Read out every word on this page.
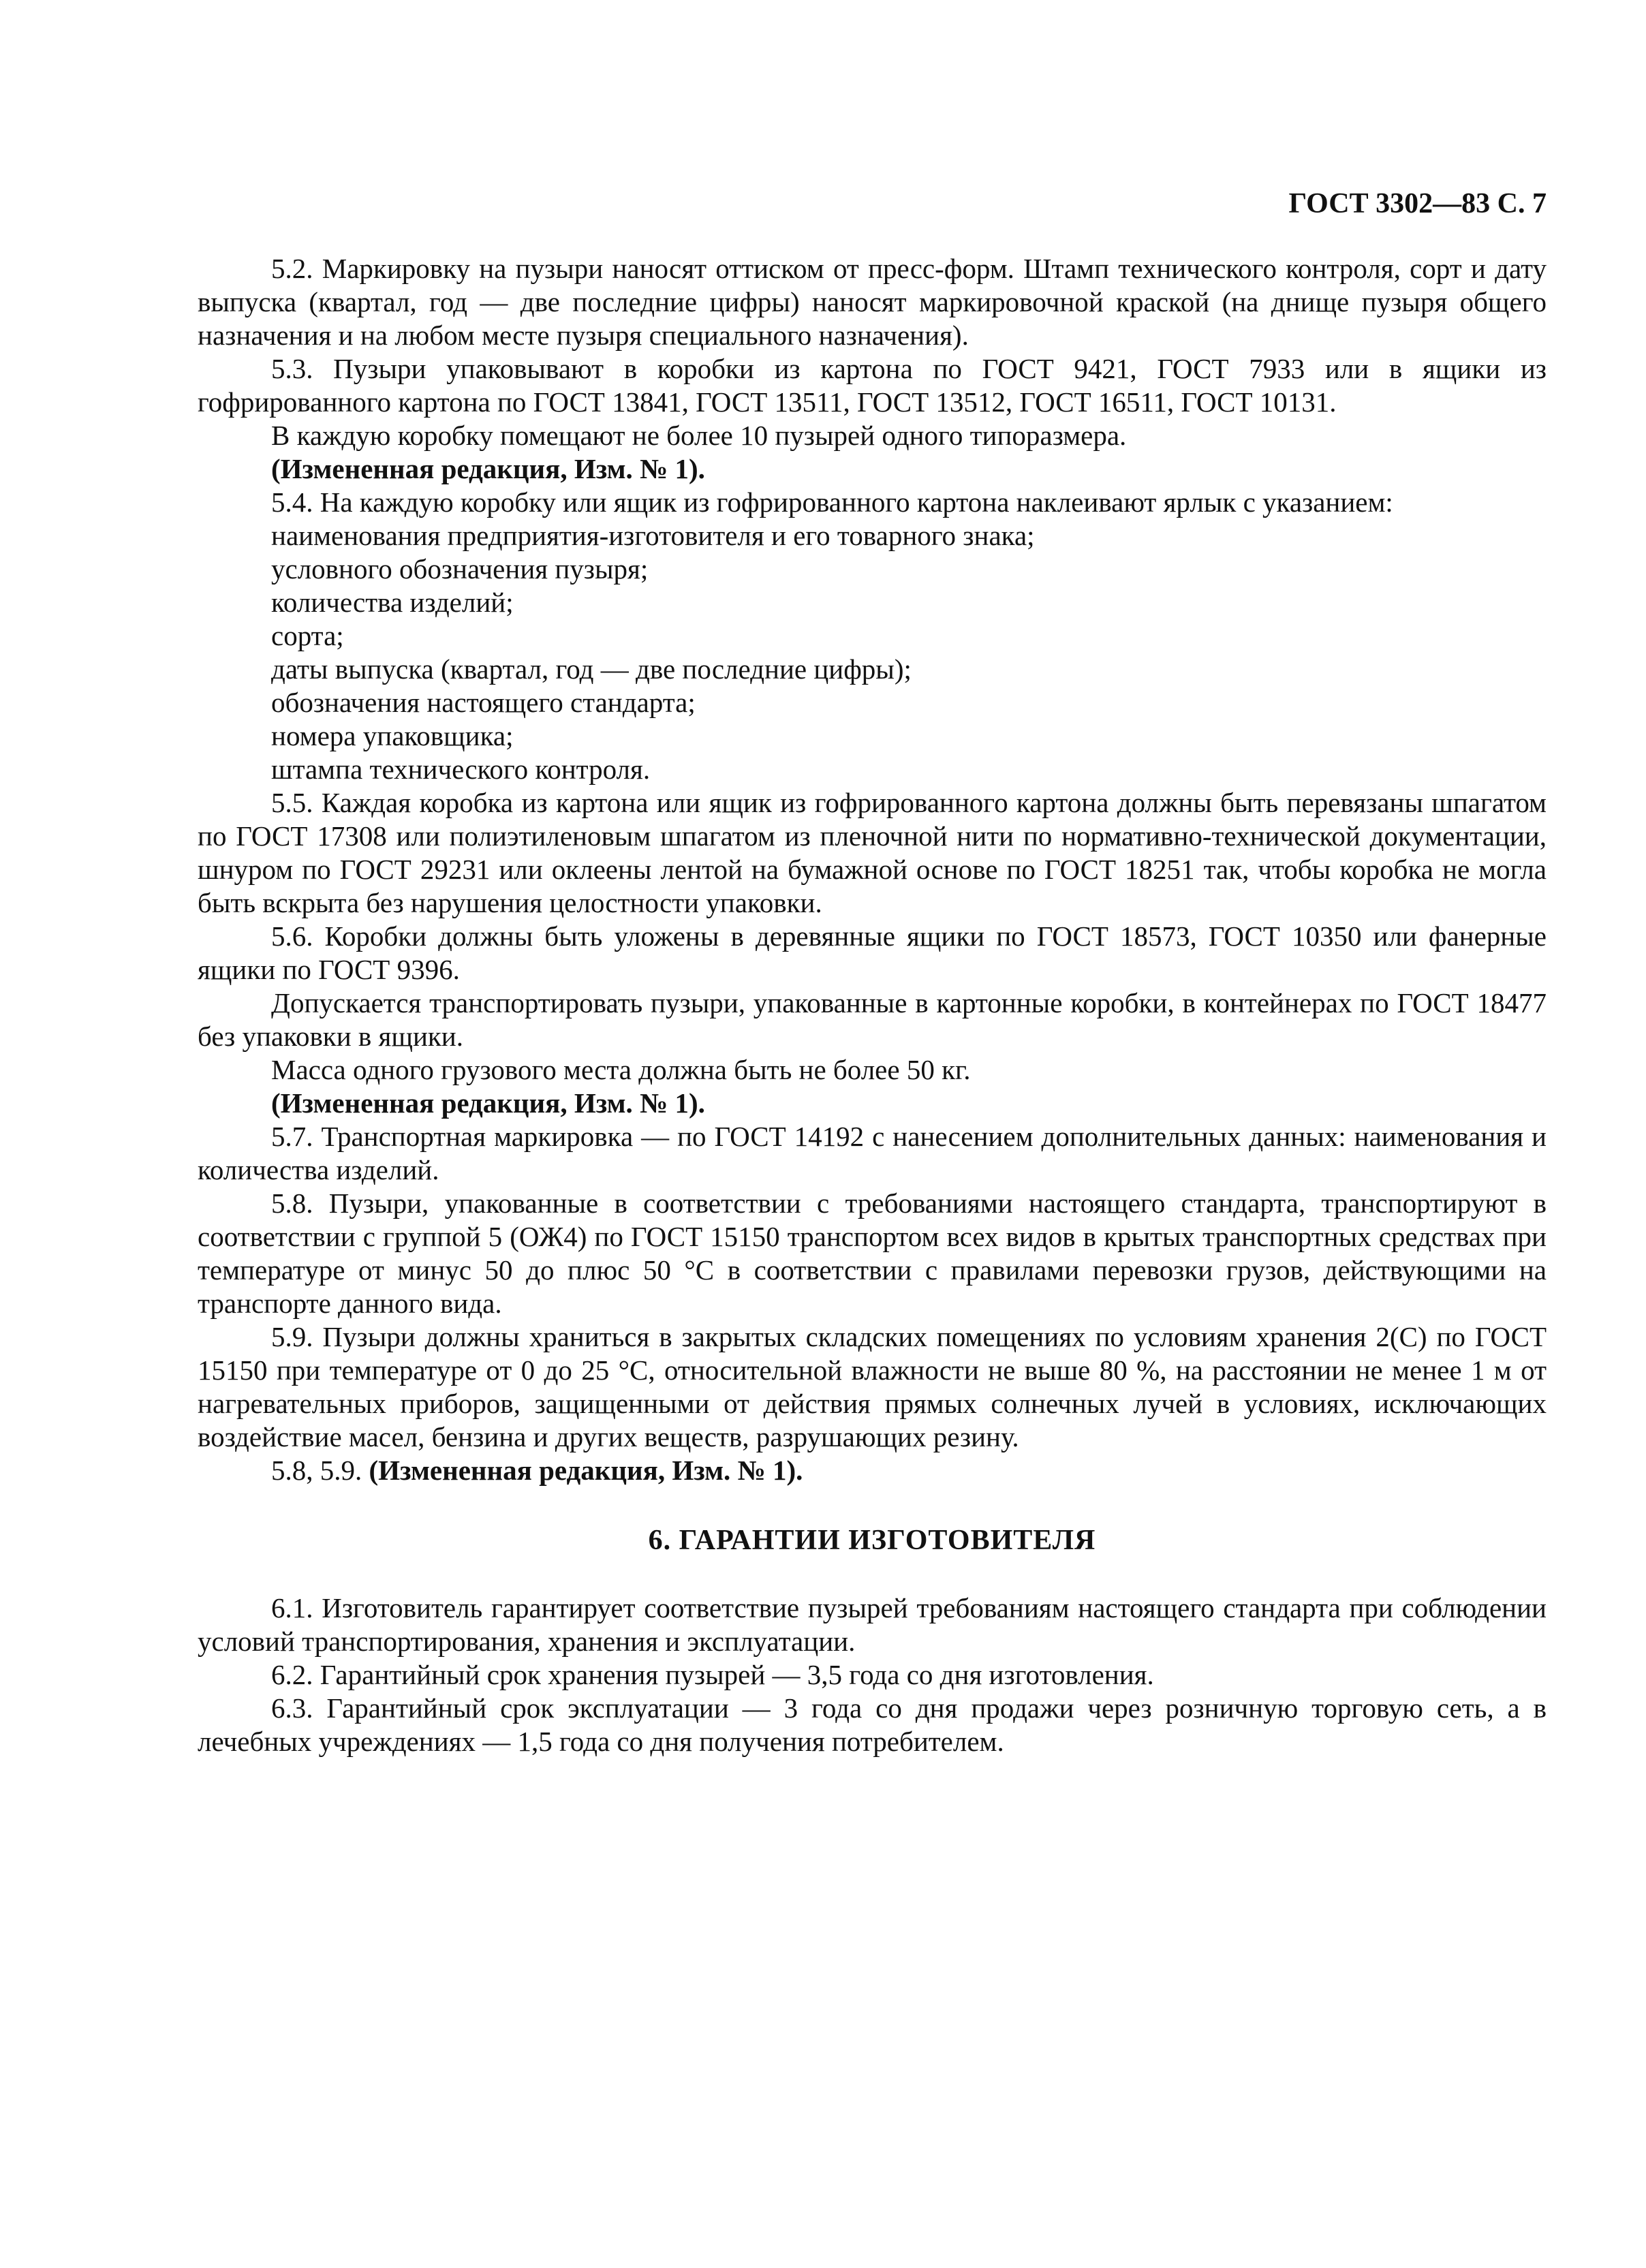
ГОСТ 3302—83 С. 7

5.2. Маркировку на пузыри наносят оттиском от пресс-форм. Штамп технического контроля, сорт и дату выпуска (квартал, год — две последние цифры) наносят маркировочной краской (на днище пузыря общего назначения и на любом месте пузыря специального назначения).

5.3. Пузыри упаковывают в коробки из картона по ГОСТ 9421, ГОСТ 7933 или в ящики из гофрированного картона по ГОСТ 13841, ГОСТ 13511, ГОСТ 13512, ГОСТ 16511, ГОСТ 10131.

В каждую коробку помещают не более 10 пузырей одного типоразмера.

(Измененная редакция, Изм. № 1).

5.4. На каждую коробку или ящик из гофрированного картона наклеивают ярлык с указанием:

наименования предприятия-изготовителя и его товарного знака;

условного обозначения пузыря;

количества изделий;

сорта;

даты выпуска (квартал, год — две последние цифры);

обозначения настоящего стандарта;

номера упаковщика;

штампа технического контроля.

5.5. Каждая коробка из картона или ящик из гофрированного картона должны быть перевязаны шпагатом по ГОСТ 17308 или полиэтиленовым шпагатом из пленочной нити по нормативно-технической документации, шнуром по ГОСТ 29231 или оклеены лентой на бумажной основе по ГОСТ 18251 так, чтобы коробка не могла быть вскрыта без нарушения целостности упаковки.

5.6. Коробки должны быть уложены в деревянные ящики по ГОСТ 18573, ГОСТ 10350 или фанерные ящики по ГОСТ 9396.

Допускается транспортировать пузыри, упакованные в картонные коробки, в контейнерах по ГОСТ 18477 без упаковки в ящики.

Масса одного грузового места должна быть не более 50 кг.

(Измененная редакция, Изм. № 1).

5.7. Транспортная маркировка — по ГОСТ 14192 с нанесением дополнительных данных: наименования и количества изделий.

5.8. Пузыри, упакованные в соответствии с требованиями настоящего стандарта, транспортируют в соответствии с группой 5 (ОЖ4) по ГОСТ 15150 транспортом всех видов в крытых транспортных средствах при температуре от минус 50 до плюс 50 °С в соответствии с правилами перевозки грузов, действующими на транспорте данного вида.

5.9. Пузыри должны храниться в закрытых складских помещениях по условиям хранения 2(С) по ГОСТ 15150 при температуре от 0 до 25 °С, относительной влажности не выше 80 %, на расстоянии не менее 1 м от нагревательных приборов, защищенными от действия прямых солнечных лучей в условиях, исключающих воздействие масел, бензина и других веществ, разрушающих резину.

5.8, 5.9. (Измененная редакция, Изм. № 1).

6. ГАРАНТИИ ИЗГОТОВИТЕЛЯ

6.1. Изготовитель гарантирует соответствие пузырей требованиям настоящего стандарта при соблюдении условий транспортирования, хранения и эксплуатации.

6.2. Гарантийный срок хранения пузырей — 3,5 года со дня изготовления.

6.3. Гарантийный срок эксплуатации — 3 года со дня продажи через розничную торговую сеть, а в лечебных учреждениях — 1,5 года со дня получения потребителем.
